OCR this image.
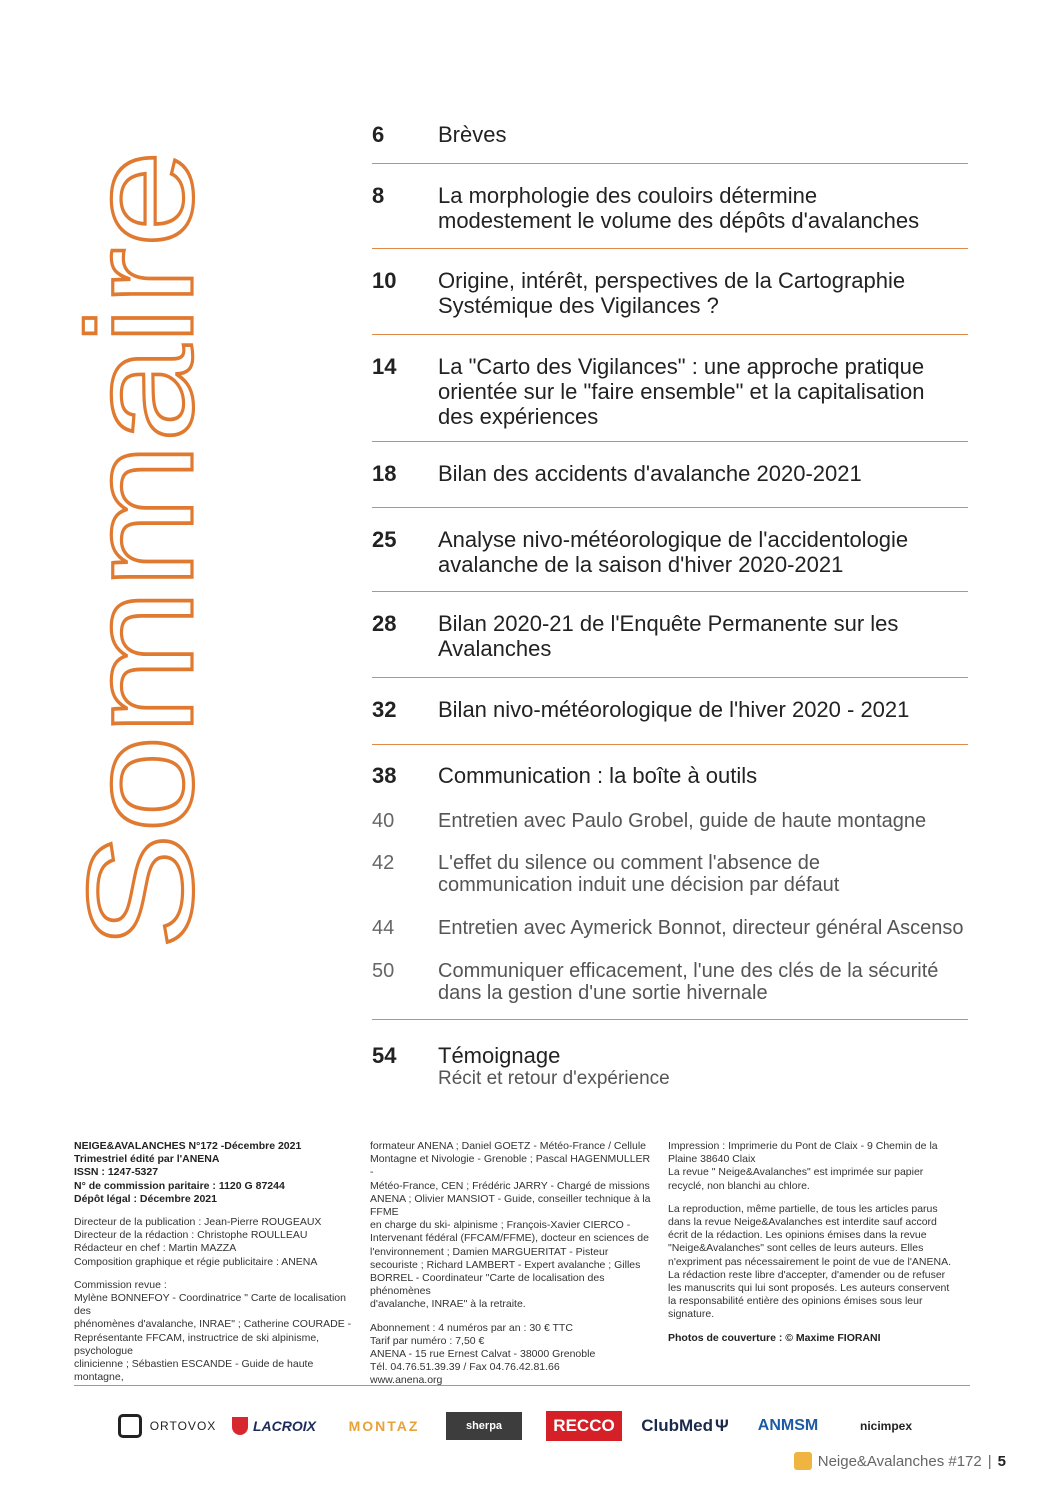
Sommaire
6	Brèves
8	La morphologie des couloirs détermine
modestement le volume des dépôts d'avalanches
10	Origine, intérêt, perspectives de la Cartographie
Systémique des Vigilances ?
14	La "Carto des Vigilances" : une approche pratique
orientée sur le "faire ensemble" et la capitalisation
des expériences
18	Bilan des accidents d'avalanche 2020-2021
25	Analyse nivo-météorologique de l'accidentologie
avalanche de la saison d'hiver 2020-2021
28	Bilan 2020-21 de l'Enquête Permanente sur les
Avalanches
32	Bilan nivo-météorologique de l'hiver 2020 - 2021
38	Communication : la boîte à outils
40	Entretien avec Paulo Grobel, guide de haute montagne
42	L'effet du silence ou comment l'absence de
communication induit une décision par défaut
44	Entretien avec Aymerick Bonnot, directeur général Ascenso
50	Communiquer efficacement, l'une des clés de la sécurité
dans la gestion d'une sortie hivernale
54	Témoignage
Récit et retour d'expérience

NEIGE&AVALANCHES N°172 -Décembre 2021

Trimestriel édité par l'ANENA

ISSN : 1247-5327

N° de commission paritaire : 1120 G 87244

Dépôt légal : Décembre 2021

Directeur de la publication : Jean-Pierre ROUGEAUX

Directeur de la rédaction : Christophe ROULLEAU

Rédacteur en chef : Martin MAZZA

Composition graphique et régie publicitaire : ANENA

Commission revue :

Mylène BONNEFOY - Coordinatrice " Carte de localisation des

phénomènes d'avalanche, INRAE" ; Catherine COURADE -

Représentante FFCAM, instructrice de ski alpinisme, psychologue

clinicienne ; Sébastien ESCANDE - Guide de haute montagne,

formateur ANENA ; Daniel GOETZ - Météo-France / Cellule

Montagne et Nivologie - Grenoble ; Pascal HAGENMULLER -

Météo-France, CEN ; Frédéric JARRY - Chargé de missions

ANENA ; Olivier MANSIOT - Guide, conseiller technique à la FFME

en charge du ski- alpinisme ; François-Xavier CIERCO -

Intervenant fédéral (FFCAM/FFME), docteur en sciences de

l'environnement ; Damien MARGUERITAT - Pisteur

secouriste ; Richard LAMBERT - Expert avalanche ; Gilles

BORREL - Coordinateur "Carte de localisation des phénomènes

d'avalanche, INRAE" à la retraite.

Abonnement : 4 numéros par an : 30 € TTC

Tarif par numéro : 7,50 €

ANENA - 15 rue Ernest Calvat - 38000 Grenoble

Tél. 04.76.51.39.39 / Fax 04.76.42.81.66

www.anena.org

Impression : Imprimerie du Pont de Claix - 9 Chemin de la

Plaine 38640 Claix

La revue " Neige&Avalanches" est imprimée sur papier

recyclé, non blanchi au chlore.

La reproduction, même partielle, de tous les articles parus

dans la revue Neige&Avalanches est interdite sauf accord

écrit de la rédaction. Les opinions émises dans la revue

"Neige&Avalanches" sont celles de leurs auteurs. Elles

n'expriment pas nécessairement le point de vue de l'ANENA.

La rédaction reste libre d'accepter, d'amender ou de refuser

les manuscrits qui lui sont proposés. Les auteurs conservent

la responsabilité entière des opinions émises sous leur

signature.

Photos de couverture : © Maxime FIORANI

ORTOVOX	LACROIX MONTAZ	sherpa	RECCO ClubMed Ψ ANMSM	nicimpex
Neige&Avalanches #172 | 5
